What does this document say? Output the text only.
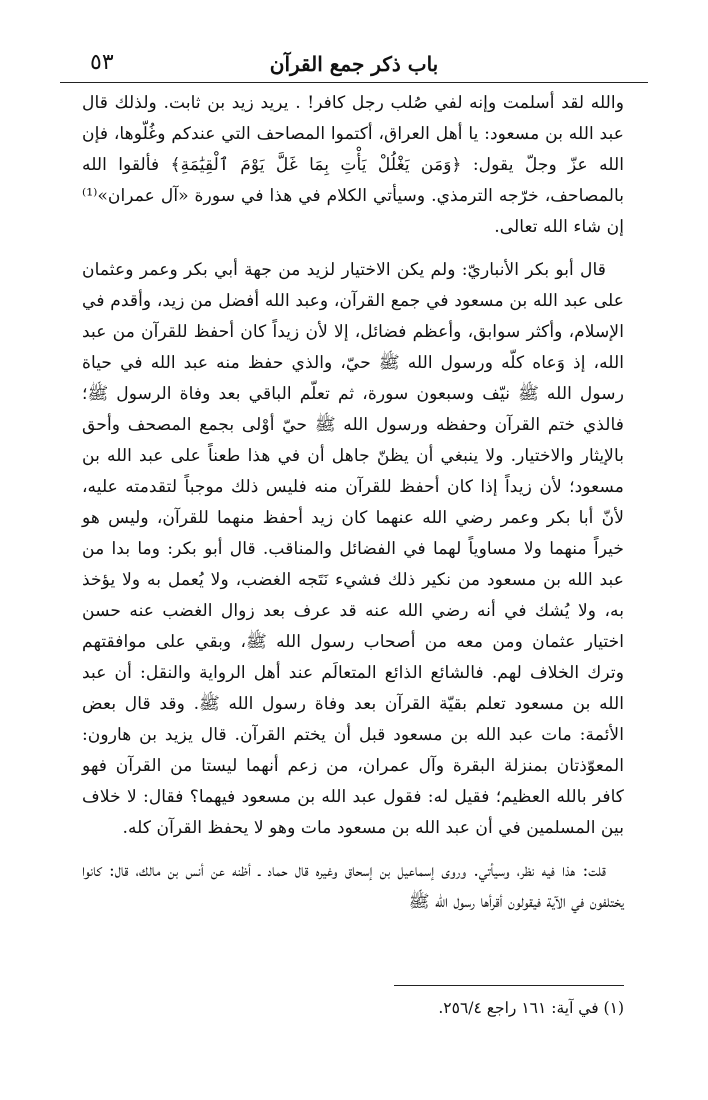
٥٣	باب ذكر جمع القرآن

والله لقد أسلمت وإنه لفي صُلب رجل كافر! . يريد زيد بن ثابت. ولذلك قال عبد الله بن مسعود: يا أهل العراق، أكتموا المصاحف التي عندكم وغُلّوها، فإن الله عزّ وجلّ يقول: ﴿وَمَن يَغْلُلْ يَأْتِ بِمَا غَلَّ يَوْمَ ٱلْقِيَٰمَةِ﴾ فألقوا الله بالمصاحف، خرّجه الترمذي. وسيأتي الكلام في هذا في سورة «آل عمران»⁽¹⁾ إن شاء الله تعالى.

قال أبو بكر الأنباريّ: ولم يكن الاختيار لزيد من جهة أبي بكر وعمر وعثمان على عبد الله بن مسعود في جمع القرآن، وعبد الله أفضل من زيد، وأقدم في الإسلام، وأكثر سوابق، وأعظم فضائل، إلا لأن زيداً كان أحفظ للقرآن من عبد الله، إذ وَعاه كلّه ورسول الله ﷺ حيّ، والذي حفظ منه عبد الله في حياة رسول الله ﷺ نيّف وسبعون سورة، ثم تعلّم الباقي بعد وفاة الرسول ﷺ؛ فالذي ختم القرآن وحفظه ورسول الله ﷺ حيّ أوْلى بجمع المصحف وأحق بالإيثار والاختيار. ولا ينبغي أن يظنّ جاهل أن في هذا طعناً على عبد الله بن مسعود؛ لأن زيداً إذا كان أحفظ للقرآن منه فليس ذلك موجباً لتقدمته عليه، لأنّ أبا بكر وعمر رضي الله عنهما كان زيد أحفظ منهما للقرآن، وليس هو خيراً منهما ولا مساوياً لهما في الفضائل والمناقب. قال أبو بكر: وما بدا من عبد الله بن مسعود من نكير ذلك فشيء نَتَجه الغضب، ولا يُعمل به ولا يؤخذ به، ولا يُشك في أنه رضي الله عنه قد عرف بعد زوال الغضب عنه حسن اختيار عثمان ومن معه من أصحاب رسول الله ﷺ، وبقي على موافقتهم وترك الخلاف لهم. فالشائع الذائع المتعالَم عند أهل الرواية والنقل: أن عبد الله بن مسعود تعلم بقيّة القرآن بعد وفاة رسول الله ﷺ. وقد قال بعض الأئمة: مات عبد الله بن مسعود قبل أن يختم القرآن. قال يزيد بن هارون: المعوّذتان بمنزلة البقرة وآل عمران، من زعم أنهما ليستا من القرآن فهو كافر بالله العظيم؛ فقيل له: فقول عبد الله بن مسعود فيهما؟ فقال: لا خلاف بين المسلمين في أن عبد الله بن مسعود مات وهو لا يحفظ القرآن كله.

قلت: هذا فيه نظر، وسيأتي. وروى إسماعيل بن إسحاق وغيره قال حماد ـ أظنه عن أنس بن مالك، قال: كانوا يختلفون في الآية فيقولون أقرأها رسول الله ﷺ

(١) في آية: ١٦١ راجع ٢٥٦/٤.
